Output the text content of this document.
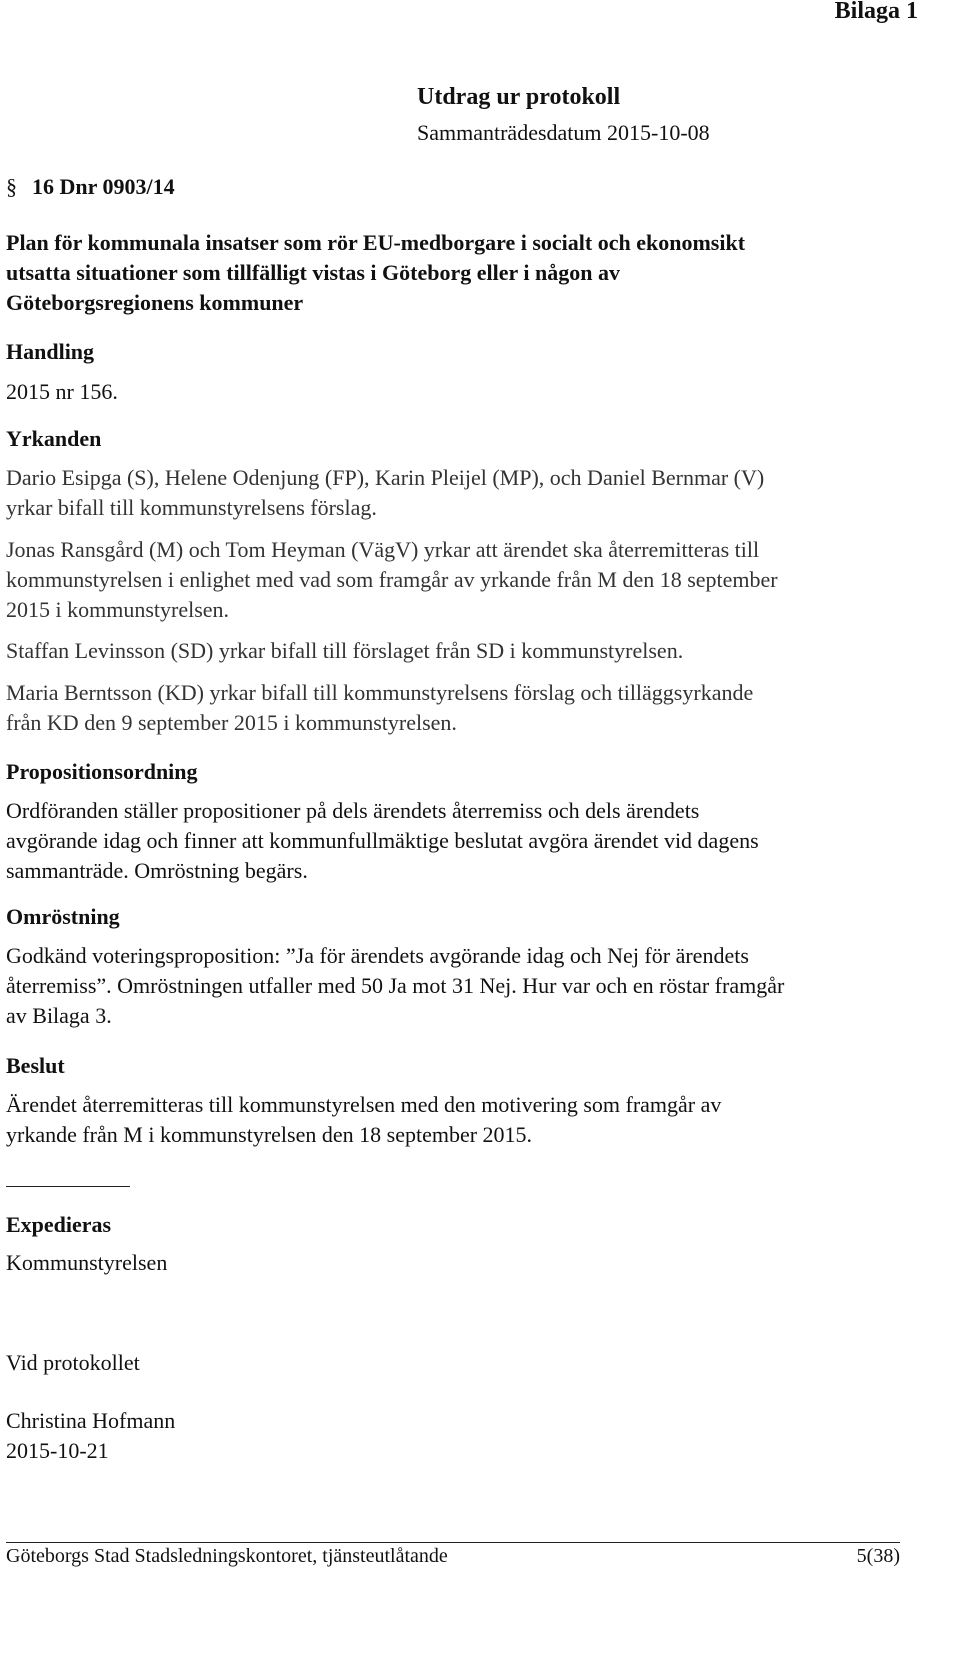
Bilaga 1
Utdrag ur protokoll
Sammanträdesdatum 2015-10-08
§ 16 Dnr 0903/14
Plan för kommunala insatser som rör EU-medborgare i socialt och ekonomsikt
utsatta situationer som tillfälligt vistas i Göteborg eller i någon av
Göteborgsregionens kommuner
Handling
2015 nr 156.
Yrkanden
Dario Esipga (S), Helene Odenjung (FP), Karin Pleijel (MP), och Daniel Bernmar (V)
yrkar bifall till kommunstyrelsens förslag.
Jonas Ransgård (M) och Tom Heyman (VägV) yrkar att ärendet ska återremitteras till
kommunstyrelsen i enlighet med vad som framgår av yrkande från M den 18 september
2015 i kommunstyrelsen.
Staffan Levinsson (SD) yrkar bifall till förslaget från SD i kommunstyrelsen.
Maria Berntsson (KD) yrkar bifall till kommunstyrelsens förslag och tilläggsyrkande
från KD den 9 september 2015 i kommunstyrelsen.
Propositionsordning
Ordföranden ställer propositioner på dels ärendets återremiss och dels ärendets
avgörande idag och finner att kommunfullmäktige beslutat avgöra ärendet vid dagens
sammanträde. Omröstning begärs.
Omröstning
Godkänd voteringsproposition: ”Ja för ärendets avgörande idag och Nej för ärendets
återremiss”. Omröstningen utfaller med 50 Ja mot 31 Nej. Hur var och en röstar framgår
av Bilaga 3.
Beslut
Ärendet återremitteras till kommunstyrelsen med den motivering som framgår av
yrkande från M i kommunstyrelsen den 18 september 2015.
Expedieras
Kommunstyrelsen
Vid protokollet
Christina Hofmann
2015-10-21
Göteborgs Stad Stadsledningskontoret, tjänsteutlåtande	5(38)
